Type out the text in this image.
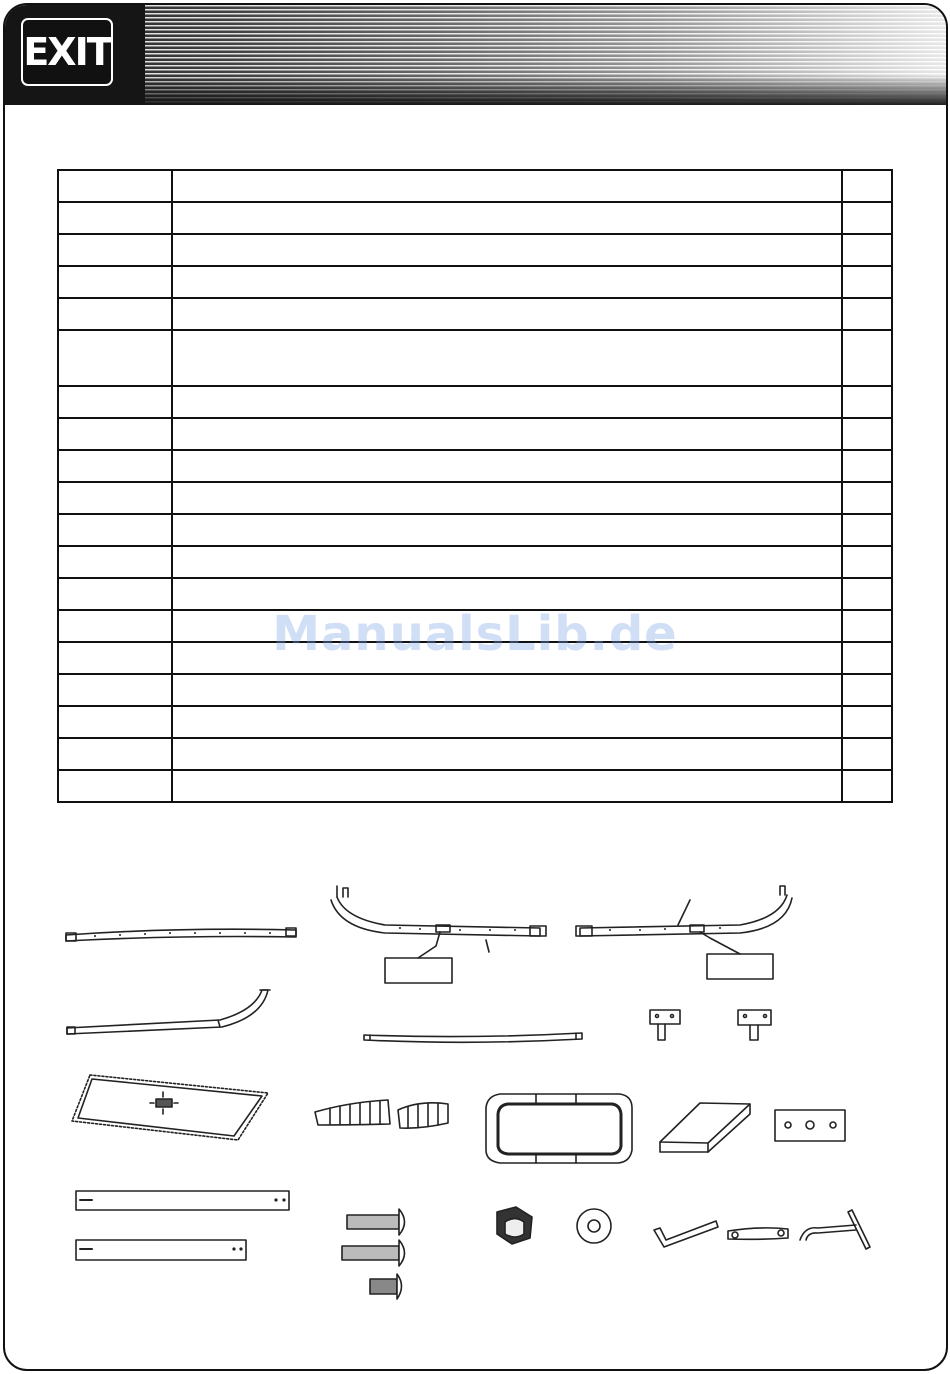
EXIT

ManualsLib.de
